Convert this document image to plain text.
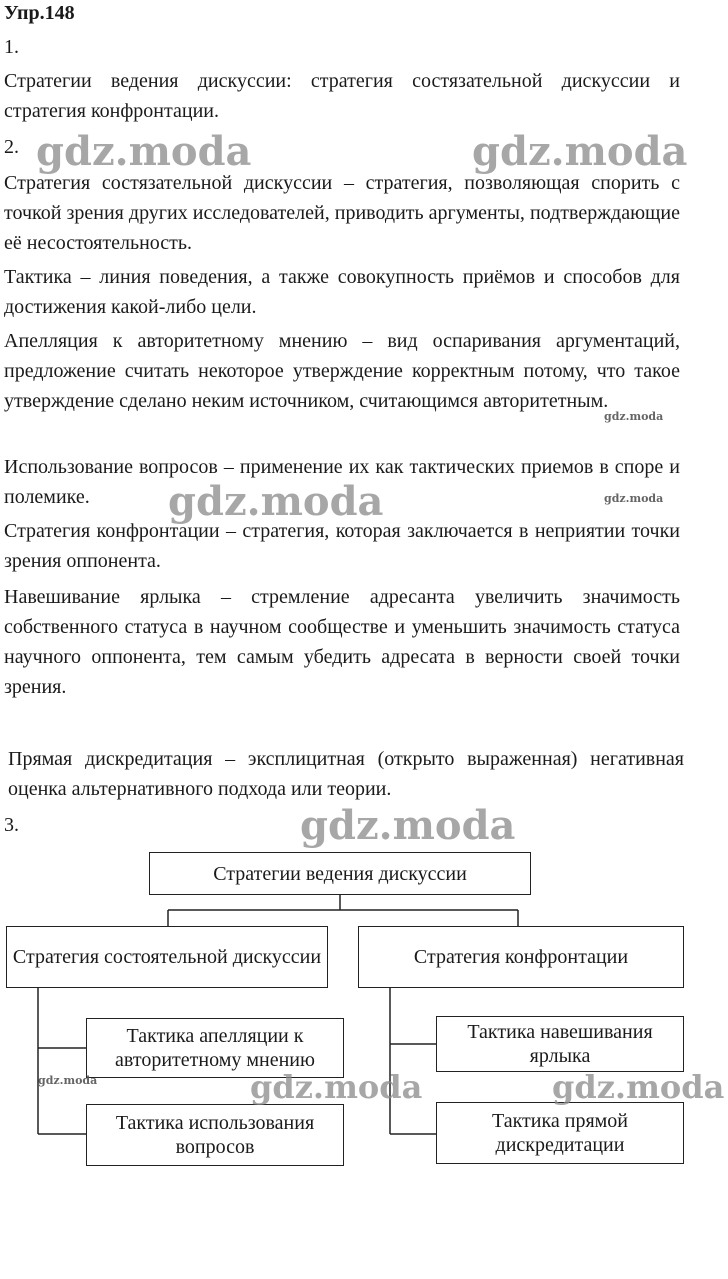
Упр.148
1.
Стратегии ведения дискуссии: стратегия состязательной дискуссии и стратегия конфронтации.
2.
Стратегия состязательной дискуссии – стратегия, позволяющая спорить с точкой зрения других исследователей, приводить аргументы, подтверждающие её несостоятельность.
Тактика – линия поведения, а также совокупность приёмов и способов для достижения какой-либо цели.
Апелляция к авторитетному мнению – вид оспаривания аргументаций, предложение считать некоторое утверждение корректным потому, что такое утверждение сделано неким источником, считающимся авторитетным.
Использование вопросов – применение их как тактических приемов в споре и полемике.
Стратегия конфронтации – стратегия, которая заключается в неприятии точки зрения оппонента.
Навешивание ярлыка – стремление адресанта увеличить значимость собственного статуса в научном сообществе и уменьшить значимость статуса научного оппонента, тем самым убедить адресата в верности своей точки зрения.
Прямая дискредитация – эксплицитная (открыто выраженная) негативная оценка альтернативного подхода или теории.
3.
Стратегии ведения дискуссии
Стратегия состоятельной дискуссии	Стратегия конфронтации
Тактика апелляции к авторитетному мнению
Тактика использования вопросов
Тактика навешивания ярлыка
Тактика прямой дискредитации
gdz.moda	gdz.moda
gdz.moda
gdz.moda	gdz.moda
gdz.moda
gdz.moda	gdz.moda	gdz.moda
